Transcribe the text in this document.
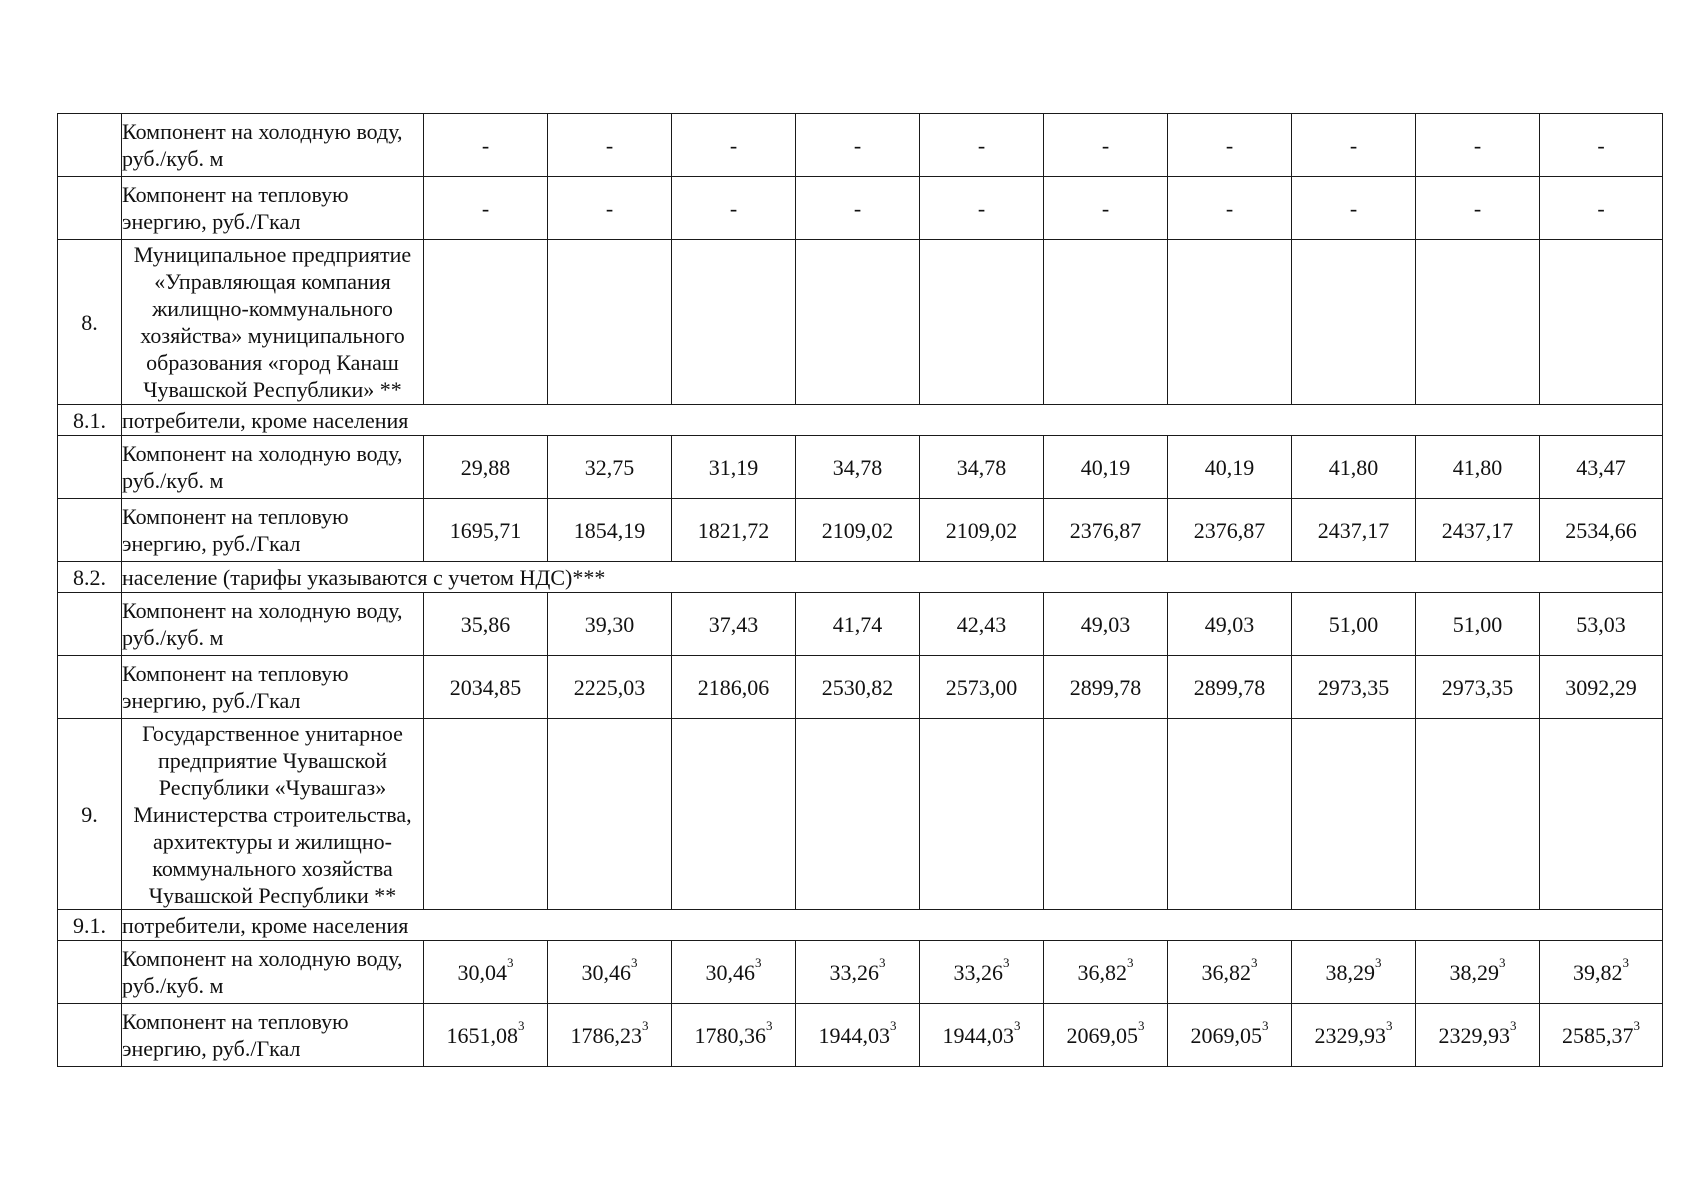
	Компонент на холодную воду, руб./куб. м	-	-	-	-	-	-	-	-	-	-
	Компонент на тепловую энергию, руб./Гкал	-	-	-	-	-	-	-	-	-	-
8.	Муниципальное предприятие «Управляющая компания жилищно-коммунального хозяйства» муниципального образования «город Канаш Чувашской Республики» **										
8.1.	потребители, кроме населения										
	Компонент на холодную воду, руб./куб. м	29,88	32,75	31,19	34,78	34,78	40,19	40,19	41,80	41,80	43,47
	Компонент на тепловую энергию, руб./Гкал	1695,71	1854,19	1821,72	2109,02	2109,02	2376,87	2376,87	2437,17	2437,17	2534,66
8.2.	население (тарифы указываются с учетом НДС)***										
	Компонент на холодную воду, руб./куб. м	35,86	39,30	37,43	41,74	42,43	49,03	49,03	51,00	51,00	53,03
	Компонент на тепловую энергию, руб./Гкал	2034,85	2225,03	2186,06	2530,82	2573,00	2899,78	2899,78	2973,35	2973,35	3092,29
9.	Государственное унитарное предприятие Чувашской Республики «Чувашгаз» Министерства строительства, архитектуры и жилищно-коммунального хозяйства Чувашской Республики **										
9.1.	потребители, кроме населения										
	Компонент на холодную воду, руб./куб. м	30,04$^3$	30,46$^3$	30,46$^3$	33,26$^3$	33,26$^3$	36,82$^3$	36,82$^3$	38,29$^3$	38,29$^3$	39,82$^3$
	Компонент на тепловую энергию, руб./Гкал	1651,08$^3$	1786,23$^3$	1780,36$^3$	1944,03$^3$	1944,03$^3$	2069,05$^3$	2069,05$^3$	2329,93$^3$	2329,93$^3$	2585,37$^3$
